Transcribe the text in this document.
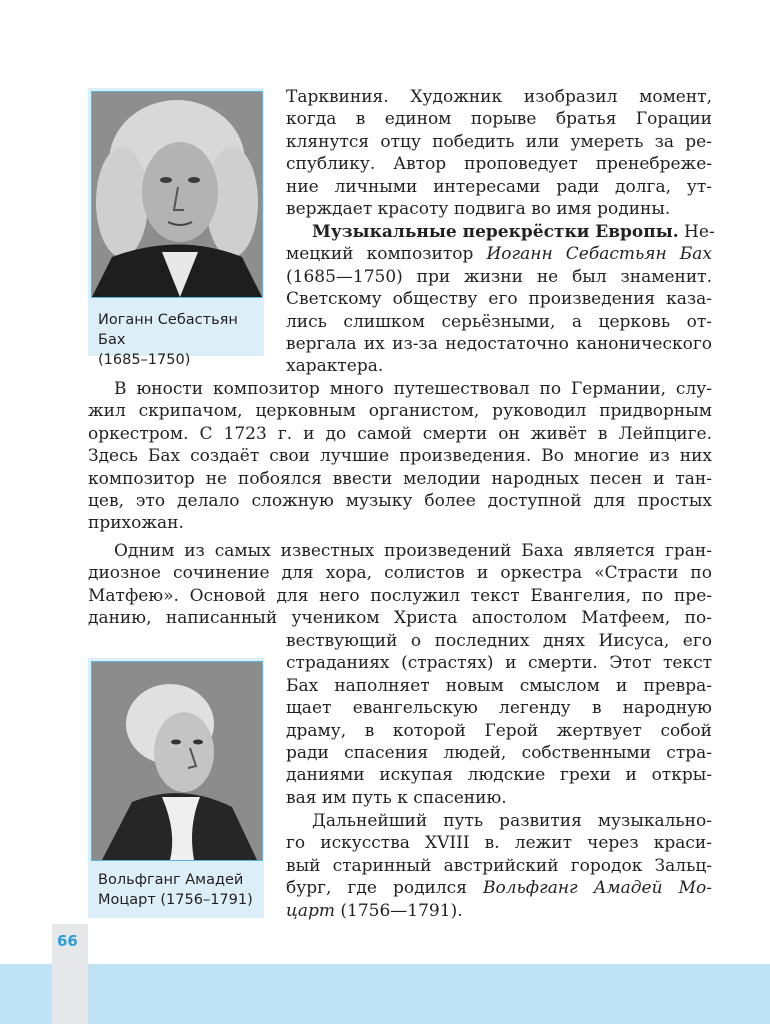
Иоганн Себастьян Бах
(1685–1750)
Вольфганг Амадей
Моцарт (1756–1791)
Тарквиния. Художник изобразил момент,
когда в едином порыве братья Горации
клянутся отцу победить или умереть за ре-
спублику. Автор проповедует пренебреже-
ние личными интересами ради долга, ут-
верждает красоту подвига во имя родины.
Музыкальные перекрёстки Европы. Не-
мецкий композитор Иоганн Себастьян Бах
(1685—1750) при жизни не был знаменит.
Светскому обществу его произведения каза-
лись слишком серьёзными, а церковь от-
вергала их из-за недостаточно канонического
характера.
В юности композитор много путешествовал по Германии, слу-
жил скрипачом, церковным органистом, руководил придворным
оркестром. С 1723 г. и до самой смерти он живёт в Лейпциге.
Здесь Бах создаёт свои лучшие произведения. Во многие из них
композитор не побоялся ввести мелодии народных песен и тан-
цев, это делало сложную музыку более доступной для простых
прихожан.
Одним из самых известных произведений Баха является гран-
диозное сочинение для хора, солистов и оркестра «Страсти по
Матфею». Основой для него послужил текст Евангелия, по пре-
данию, написанный учеником Христа апостолом Матфеем, по-
вествующий о последних днях Иисуса, его
страданиях (страстях) и смерти. Этот текст
Бах наполняет новым смыслом и превра-
щает евангельскую легенду в народную
драму, в которой Герой жертвует собой
ради спасения людей, собственными стра-
даниями искупая людские грехи и откры-
вая им путь к спасению.
Дальнейший путь развития музыкально-
го искусства XVIII в. лежит через краси-
вый старинный австрийский городок Зальц-
бург, где родился Вольфганг Амадей Мо-
царт (1756—1791).
66
